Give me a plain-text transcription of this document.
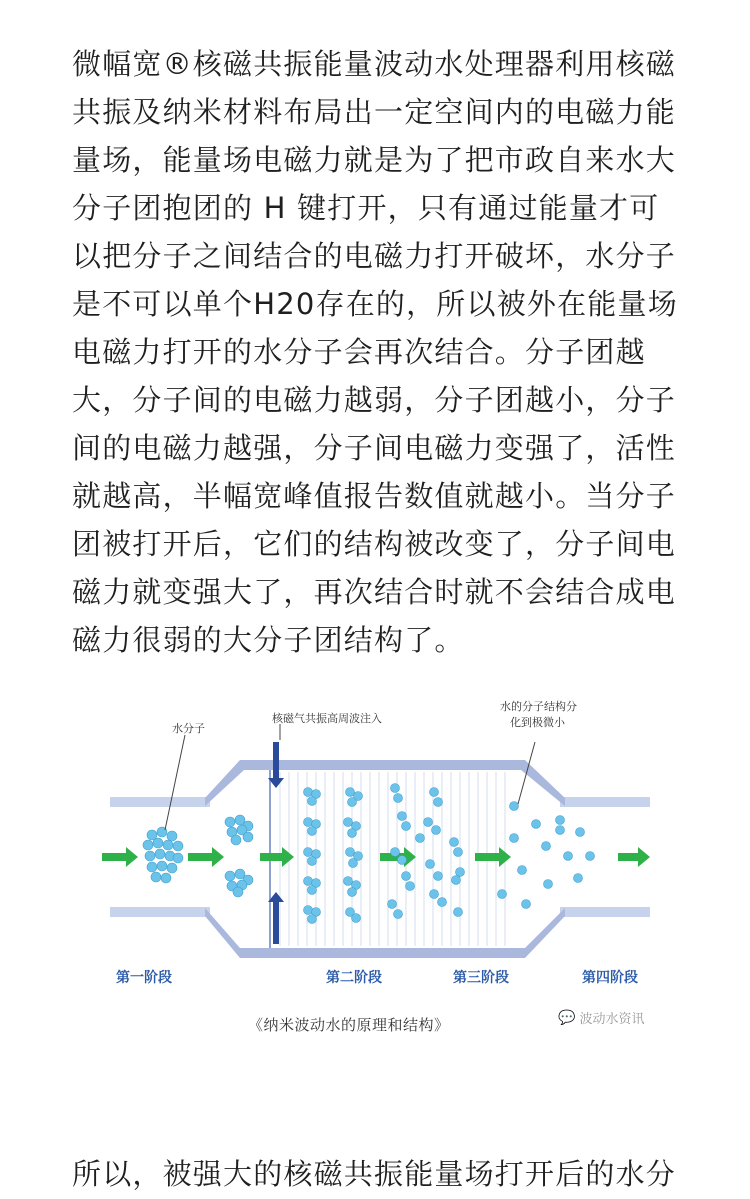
微幅宽®核磁共振能量波动水处理器利用核磁共振及纳米材料布局出一定空间内的电磁力能量场，能量场电磁力就是为了把市政自来水大分子团抱团的 H 键打开，只有通过能量才可以把分子之间结合的电磁力打开破坏，水分子是不可以单个H20存在的，所以被外在能量场电磁力打开的水分子会再次结合。分子团越大，分子间的电磁力越弱，分子团越小，分子间的电磁力越强，分子间电磁力变强了，活性就越高，半幅宽峰值报告数值就越小。当分子团被打开后，它们的结构被改变了，分子间电磁力就变强大了，再次结合时就不会结合成电磁力很弱的大分子团结构了。

水分子
核磁气共振高周波注入
水的分子结构分
化到极微小
第一阶段	第二阶段	第三阶段	第四阶段
《纳米波动水的原理和结构》	💬 波动水资讯

所以，被强大的核磁共振能量场打开后的水分
